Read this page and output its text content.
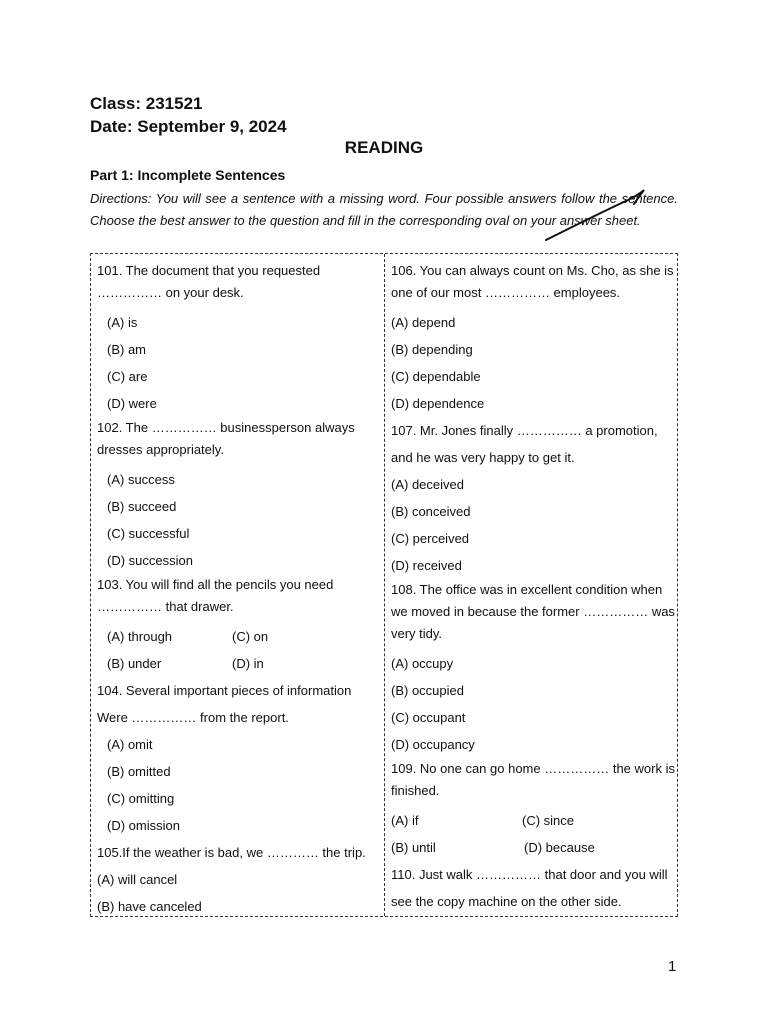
Class: 231521
Date: September 9, 2024
READING
Part 1: Incomplete Sentences
Directions: You will see a sentence with a missing word. Four possible answers follow the sentence. Choose the best answer to the question and fill in the corresponding oval on your answer sheet.

101. The document that you requested …………… on your desk.

(A) is
(B) am
(C) are
(D) were

102. The …………… businessperson always dresses appropriately.

(A) success
(B) succeed
(C) successful
(D) succession

103. You will find all the pencils you need …………… that drawer.

(A) through	(C) on
(B) under	(D) in

104. Several important pieces of information Were …………… from the report.

(A) omit
(B) omitted
(C) omitting
(D) omission

105.If the weather is bad, we ………… the trip.

(A) will cancel
(B) have canceled

106. You can always count on Ms. Cho, as she is one of our most …………… employees.

(A) depend
(B) depending
(C) dependable
(D) dependence

107. Mr. Jones finally …………… a promotion, and he was very happy to get it.

(A) deceived
(B) conceived
(C) perceived
(D) received

108. The office was in excellent condition when we moved in because the former …………… was very tidy.

(A) occupy
(B) occupied
(C) occupant
(D) occupancy

109. No one can go home …………… the work is finished.

(A) if	(C) since
(B) until	(D) because

110. Just walk …………… that door and you will see the copy machine on the other side.

1
